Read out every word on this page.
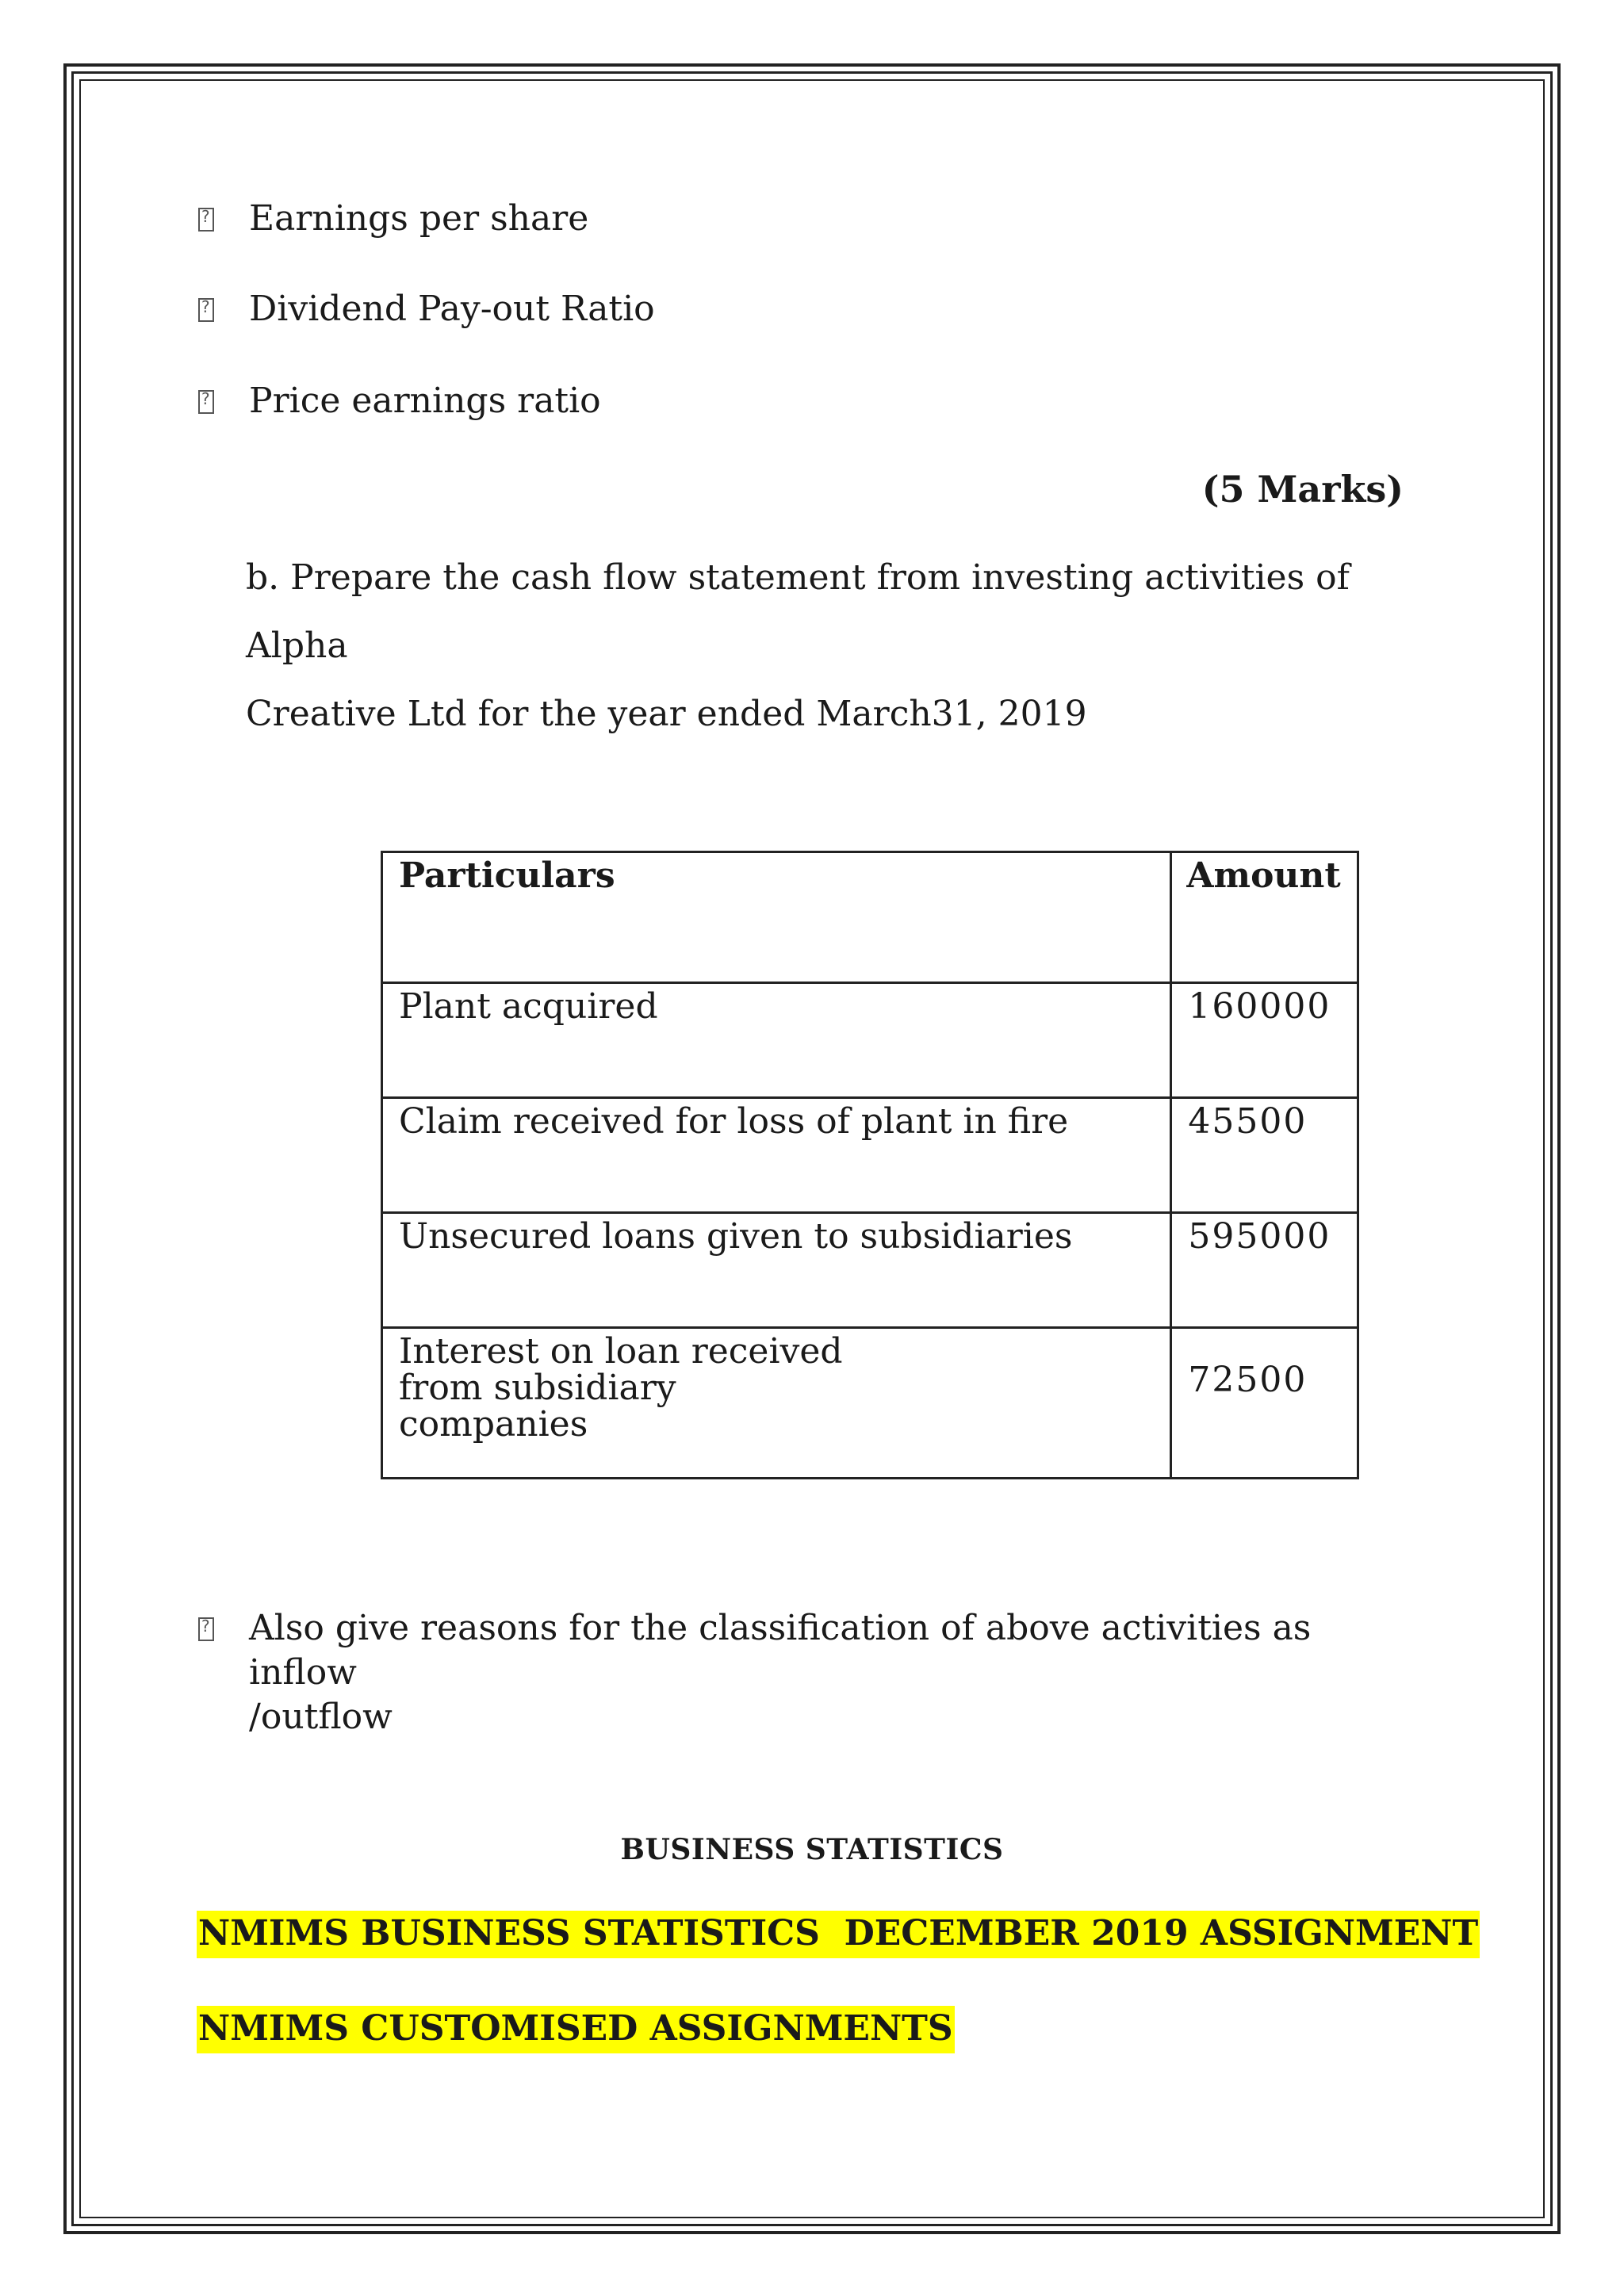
?
Earnings per share
?
Dividend Pay-out Ratio
?
Price earnings ratio
(5 Marks)
b. Prepare the cash flow statement from investing activities of Alpha
Creative Ltd for the year ended March31, 2019
Particulars	Amount
Plant acquired	160000
Claim received for loss of plant in fire	45500
Unsecured loans given to subsidiaries	595000
Interest on loan received from subsidiary companies	72500
?
Also give reasons for the classification of above activities as inflow
/outflow
BUSINESS STATISTICS
NMIMS BUSINESS STATISTICS  DECEMBER 2019 ASSIGNMENT
NMIMS CUSTOMISED ASSIGNMENTS
